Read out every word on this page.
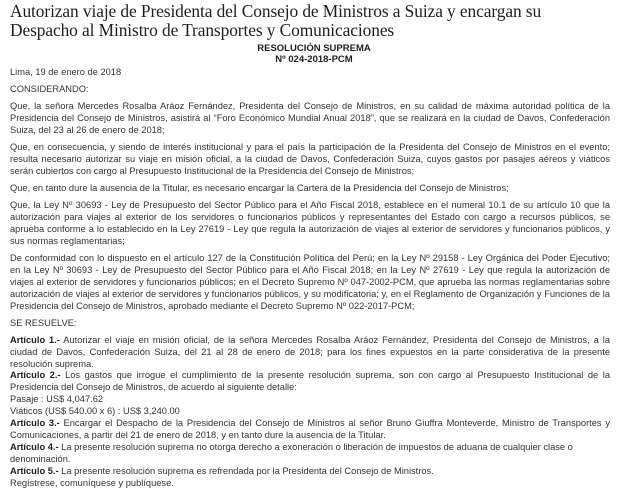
Autorizan viaje de Presidenta del Consejo de Ministros a Suiza y encargan su Despacho al Ministro de Transportes y Comunicaciones
RESOLUCIÓN SUPREMA
Nº 024-2018-PCM

Lima, 19 de enero de 2018

CONSIDERANDO:

Que, la señora Mercedes Rosalba Aráoz Fernández, Presidenta del Consejo de Ministros, en su calidad de máxima autoridad política de la Presidencia del Consejo de Ministros, asistirá al “Foro Económico Mundial Anual 2018”, que se realizará en la ciudad de Davos, Confederación Suiza, del 23 al 26 de enero de 2018;

Que, en consecuencia, y siendo de interés institucional y para el país la participación de la Presidenta del Consejo de Ministros en el evento; resulta necesario autorizar su viaje en misión oficial, a la ciudad de Davos, Confederación Suiza, cuyos gastos por pasajes aéreos y viáticos serán cubiertos con cargo al Presupuesto Institucional de la Presidencia del Consejo de Ministros;

Que, en tanto dure la ausencia de la Titular, es necesario encargar la Cartera de la Presidencia del Consejo de Ministros;

Que, la Ley Nº 30693 - Ley de Presupuesto del Sector Público para el Año Fiscal 2018, establece en el numeral 10.1 de su artículo 10 que la autorización para viajes al exterior de los servidores o funcionarios públicos y representantes del Estado con cargo a recursos públicos, se aprueba conforme a lo establecido en la Ley 27619 - Ley que regula la autorización de viajes al exterior de servidores y funcionarios públicos, y sus normas reglamentarias;

De conformidad con lo dispuesto en el artículo 127 de la Constitución Política del Perú; en la Ley Nº 29158 - Ley Orgánica del Poder Ejecutivo; en la Ley Nº 30693 - Ley de Presupuesto del Sector Público para el Año Fiscal 2018; en la Ley Nº 27619 - Ley que regula la autorización de viajes al exterior de servidores y funcionarios públicos; en el Decreto Supremo Nº 047-2002-PCM, que aprueba las normas reglamentarias sobre autorización de viajes al exterior de servidores y funcionarios públicos, y su modificatoria; y, en el Reglamento de Organización y Funciones de la Presidencia del Consejo de Ministros, aprobado mediante el Decreto Supremo Nº 022-2017-PCM;

SE RESUELVE:

Artículo 1.- Autorizar el viaje en misión oficial, de la señora Mercedes Rosalba Aráoz Fernández, Presidenta del Consejo de Ministros, a la ciudad de Davos, Confederación Suiza, del 21 al 28 de enero de 2018; para los fines expuestos en la parte considerativa de la presente resolución suprema.

Artículo 2.- Los gastos que irrogue el cumplimiento de la presente resolución suprema, son con cargo al Presupuesto Institucional de la Presidencia del Consejo de Ministros, de acuerdo al siguiente detalle:

Pasaje : US$ 4,047.62

Viáticos (US$ 540.00 x 6) : US$ 3,240.00

Artículo 3.- Encargar el Despacho de la Presidencia del Consejo de Ministros al señor Bruno Giuffra Monteverde, Ministro de Transportes y Comunicaciones, a partir del 21 de enero de 2018, y en tanto dure la ausencia de la Titular.

Artículo 4.- La presente resolución suprema no otorga derecho a exoneración o liberación de impuestos de aduana de cualquier clase o denominación.

Artículo 5.- La presente resolución suprema es refrendada por la Presidenta del Consejo de Ministros.

Regístrese, comuníquese y publíquese.
